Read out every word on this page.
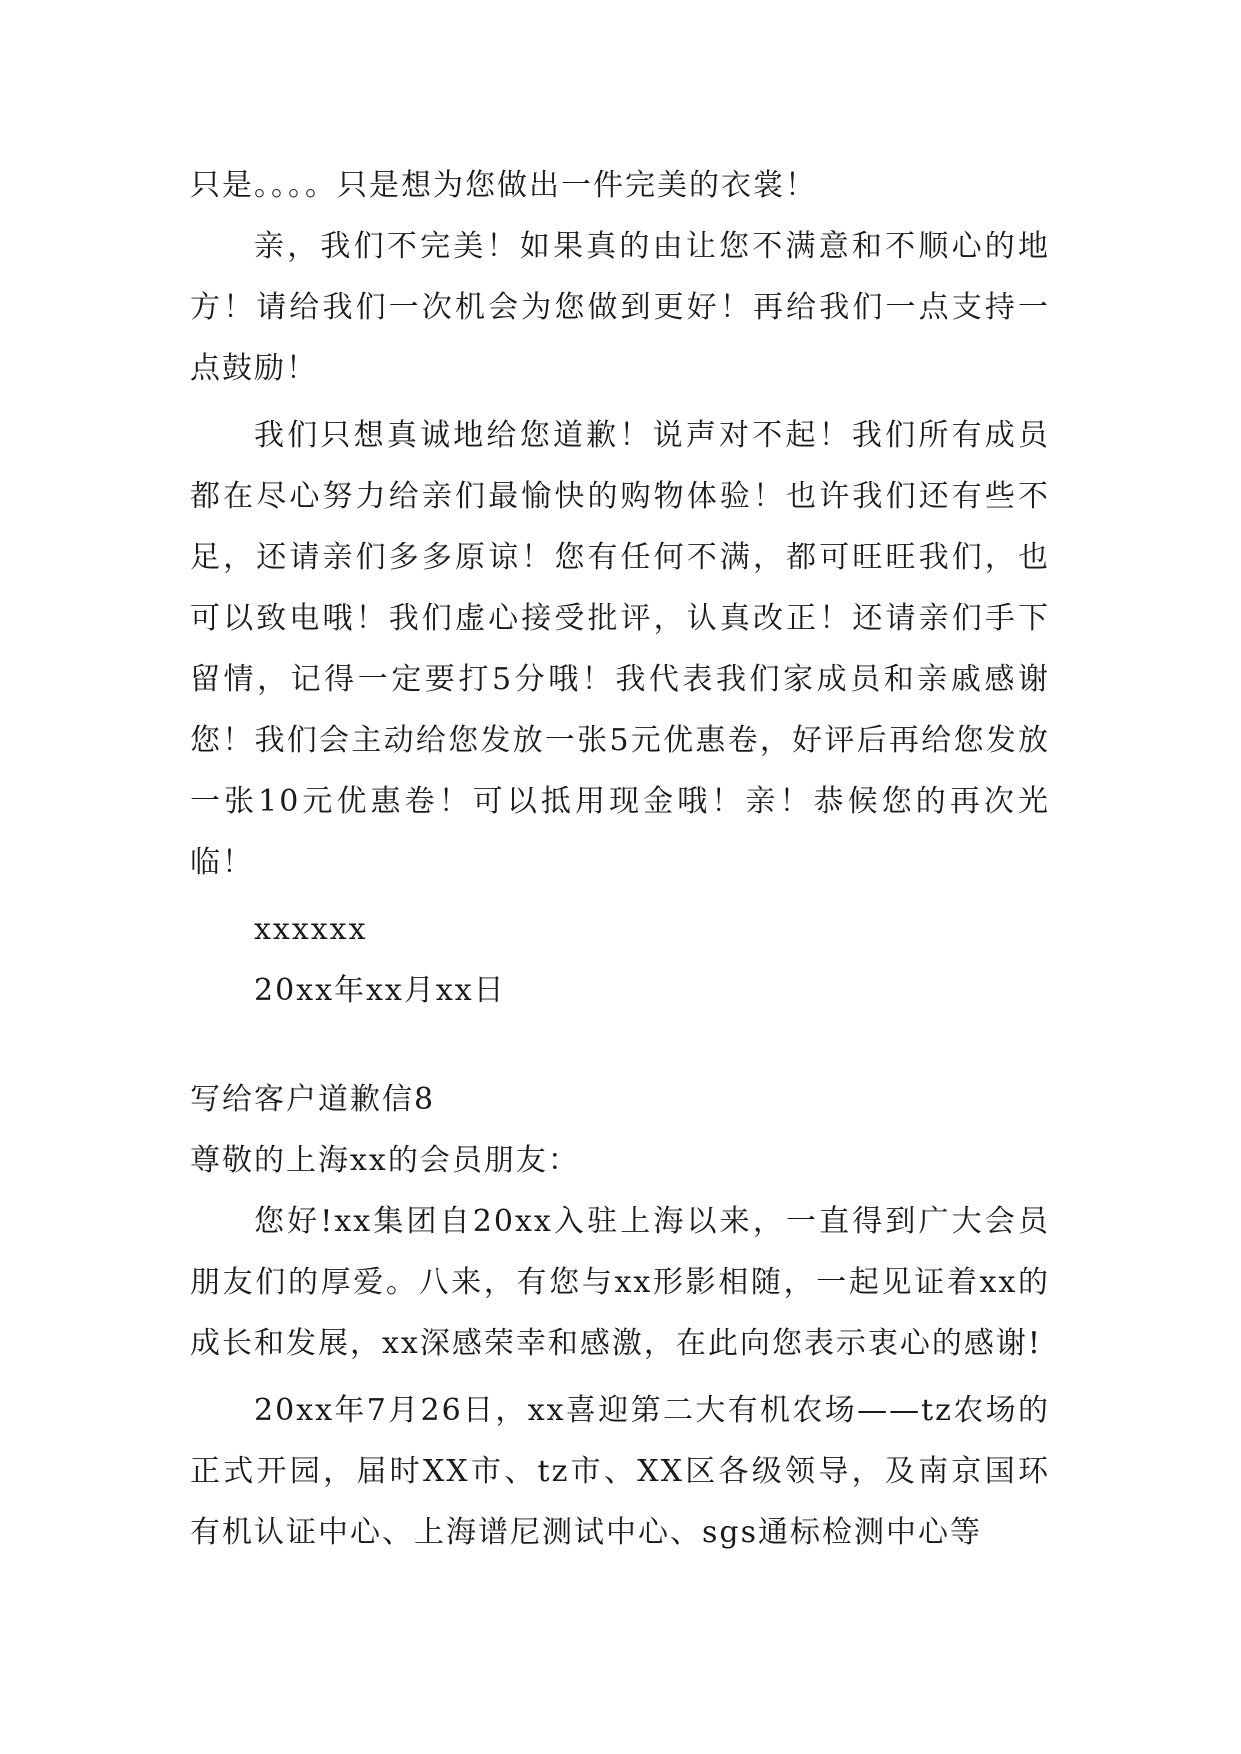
只是。。。。只是想为您做出一件完美的衣裳！

亲，我们不完美！如果真的由让您不满意和不顺心的地方！请给我们一次机会为您做到更好！再给我们一点支持一点鼓励！

我们只想真诚地给您道歉！说声对不起！我们所有成员都在尽心努力给亲们最愉快的购物体验！也许我们还有些不足，还请亲们多多原谅！您有任何不满，都可旺旺我们，也可以致电哦！我们虚心接受批评，认真改正！还请亲们手下留情，记得一定要打5分哦！我代表我们家成员和亲戚感谢您！我们会主动给您发放一张5元优惠卷，好评后再给您发放一张10元优惠卷！可以抵用现金哦！亲！恭候您的再次光临！

xxxxxx

20xx年xx月xx日

写给客户道歉信8

尊敬的上海xx的会员朋友：

您好!xx集团自20xx入驻上海以来，一直得到广大会员朋友们的厚爱。八来，有您与xx形影相随，一起见证着xx的成长和发展，xx深感荣幸和感激，在此向您表示衷心的感谢!

20xx年7月26日，xx喜迎第二大有机农场——tz农场的正式开园，届时XX市、tz市、XX区各级领导，及南京国环有机认证中心、上海谱尼测试中心、sgs通标检测中心等
